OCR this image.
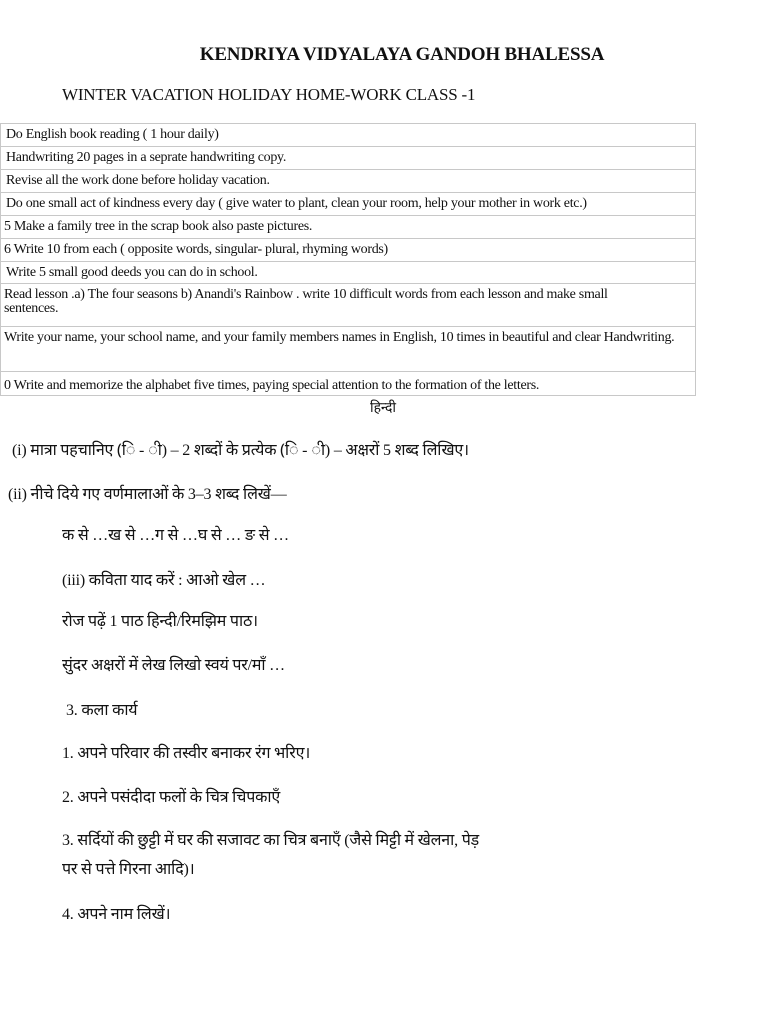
KENDRIYA VIDYALAYA GANDOH BHALESSA
WINTER VACATION HOLIDAY HOME-WORK CLASS -1
Do English book reading ( 1 hour daily)
Handwriting 20 pages in a seprate handwriting copy.
Revise all the work done before holiday vacation.
Do one small act of kindness every day ( give water to plant, clean your room, help your mother in work etc.)
5 Make a family tree in the scrap book also paste pictures.
6 Write 10 from each ( opposite words, singular- plural, rhyming words)
Write 5 small good deeds you can do in school.
Read lesson .a) The four seasons b) Anandi's Rainbow . write 10 difficult words from each lesson and make small sentences.
Write your name, your school name, and your family members names in English, 10 times in beautiful and clear Handwriting.
0 Write and memorize the alphabet five times, paying special attention to the formation of the letters.
हिन्दी
(i) मात्रा पहचानिए (ि - ी) – 2 शब्दों के प्रत्येक (ि - ी) – अक्षरों 5 शब्द लिखिए।
(ii) नीचे दिये गए वर्णमालाओं के 3–3 शब्द लिखें—
क से …ख से …ग से …घ से … ङ से …
(iii) कविता याद करें : आओ खेल …
रोज पढ़ें 1 पाठ हिन्दी/रिमझिम पाठ।
सुंदर अक्षरों में लेख लिखो स्वयं पर/माँ …
3. कला कार्य
1. अपने परिवार की तस्वीर बनाकर रंग भरिए।
2. अपने पसंदीदा फलों के चित्र चिपकाएँ
3. सर्दियों की छुट्टी में घर की सजावट का चित्र बनाएँ (जैसे मिट्टी में खेलना, पेड़
पर से पत्ते गिरना आदि)।
4. अपने नाम लिखें।
